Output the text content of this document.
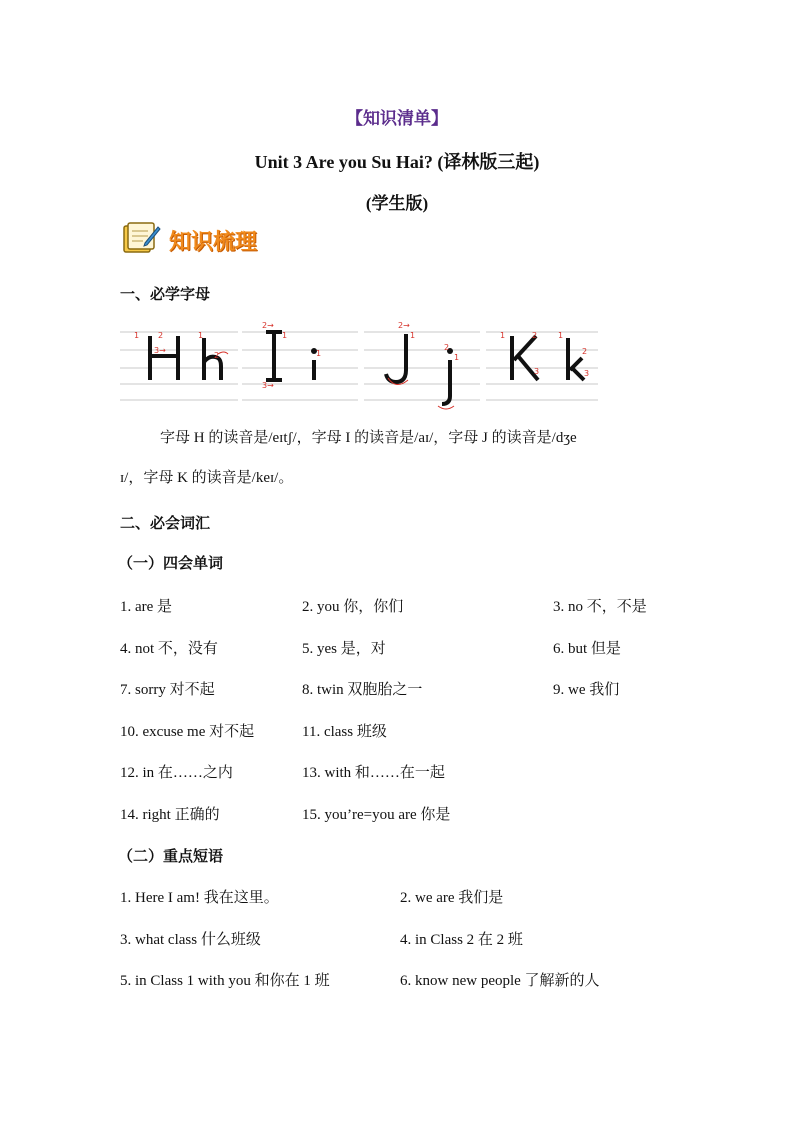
【知识清单】
Unit 3 Are you Su Hai? (译林版三起)
(学生版)
知识梳理
一、必学字母
1 2
3→
1
2
2→
1
3→
1
2→
1
2
1
1	2
3
1
2
3
字母 H 的读音是/eɪtʃ/，字母 I 的读音是/aɪ/，字母 J 的读音是/dʒe
ɪ/，字母 K 的读音是/keɪ/。
二、必会词汇
（一）四会单词
1. are 是	2. you 你，你们	3. no 不，不是
4. not 不，没有	5. yes 是，对	6. but 但是
7. sorry 对不起	8. twin 双胞胎之一	9. we 我们
10. excuse me 对不起	11. class 班级
12. in 在……之内	13. with 和……在一起
14. right 正确的	15. you’re=you are 你是
（二）重点短语
1. Here I am! 我在这里。	2. we are 我们是
3. what class 什么班级	4. in Class 2 在 2 班
5. in Class 1 with you 和你在 1 班	6. know new people 了解新的人
